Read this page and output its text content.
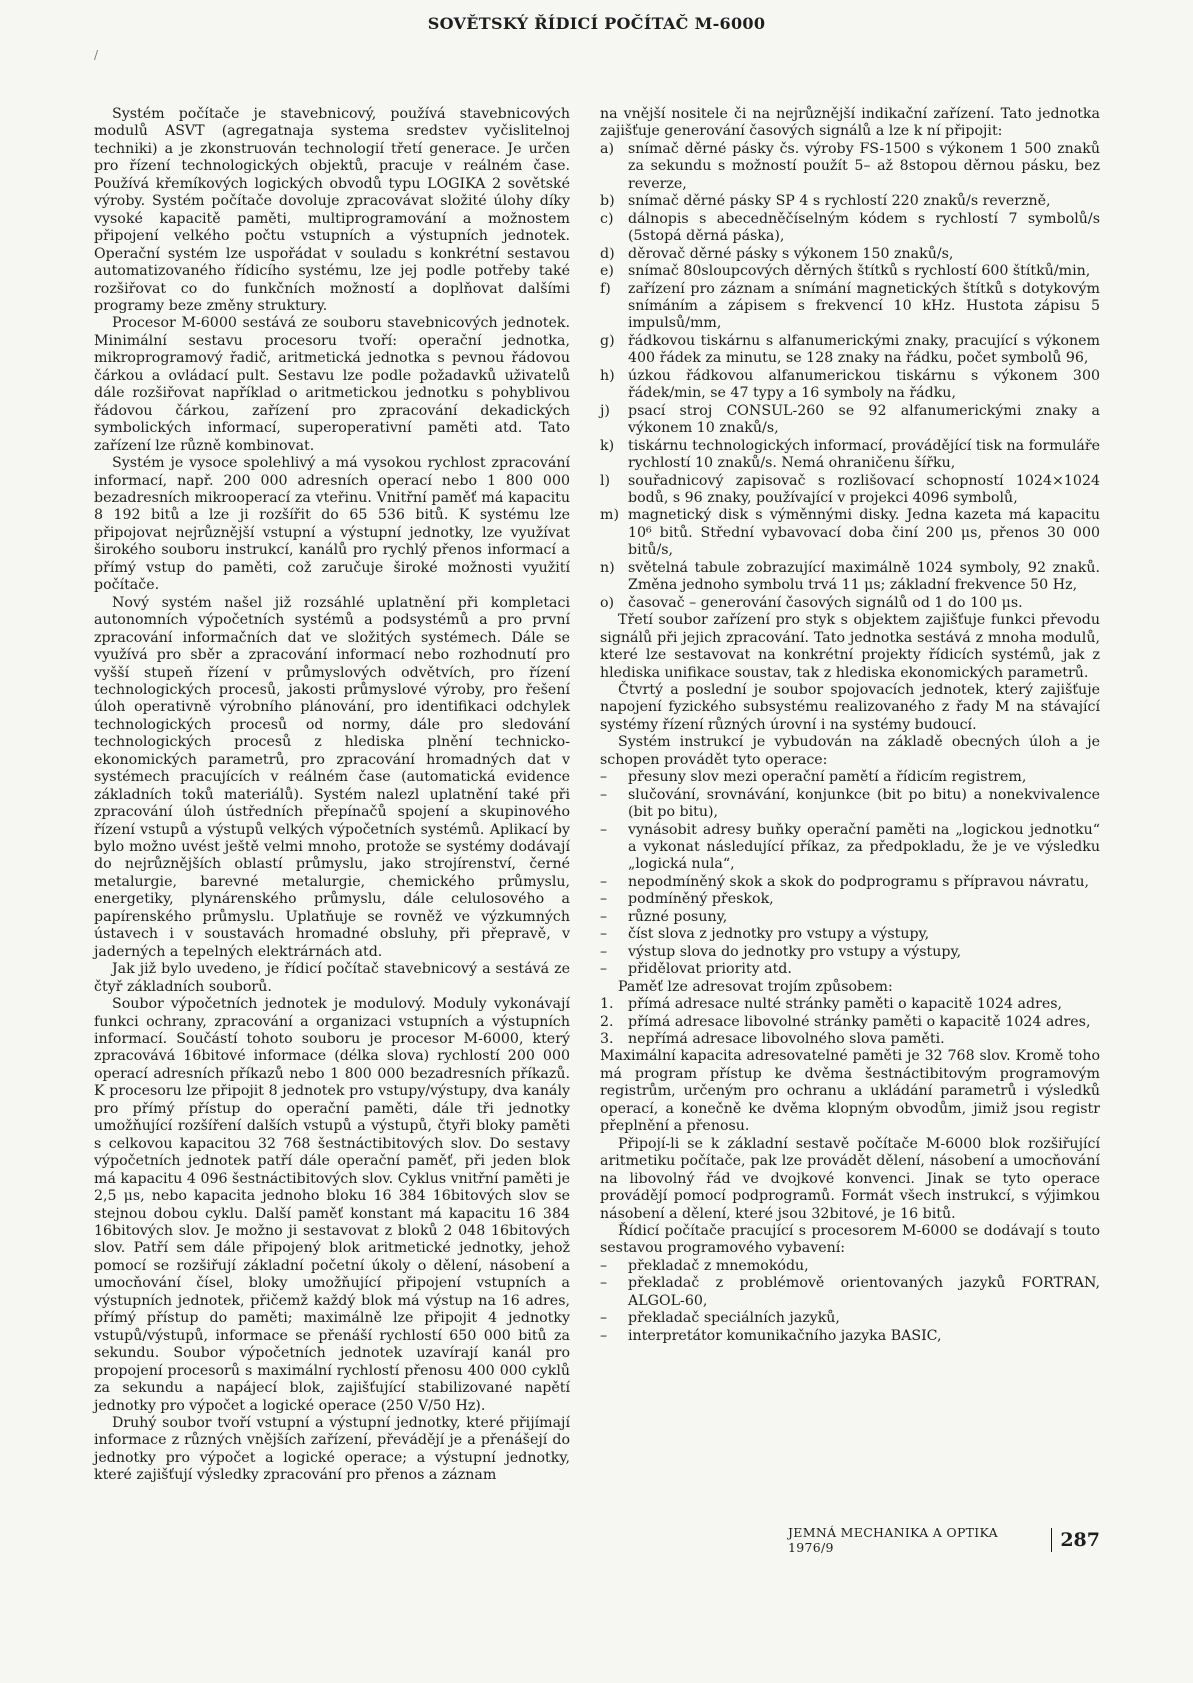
SOVĚTSKÝ ŘÍDICÍ POČÍTAČ M-6000
/

Systém počítače je stavebnicový, používá stavebnicových modulů ASVT (agregatnaja systema sredstev vyčislitelnoj techniki) a je zkonstruován technologií třetí generace. Je určen pro řízení technologických objektů, pracuje v reálném čase. Používá křemíkových logických obvodů typu LOGIKA 2 sovětské výroby. Systém počítače dovoluje zpracovávat složité úlohy díky vysoké kapacitě paměti, multiprogramování a možnostem připojení velkého počtu vstupních a výstupních jednotek. Operační systém lze uspořádat v souladu s konkrétní sestavou automatizovaného řídicího systému, lze jej podle potřeby také rozšiřovat co do funkčních možností a doplňovat dalšími programy beze změny struktury.

Procesor M-6000 sestává ze souboru stavebnicových jednotek. Minimální sestavu procesoru tvoří: operační jednotka, mikroprogramový řadič, aritmetická jednotka s pevnou řádovou čárkou a ovládací pult. Sestavu lze podle požadavků uživatelů dále rozšiřovat například o aritmetickou jednotku s pohyblivou řádovou čárkou, zařízení pro zpracování dekadických symbolických informací, superoperativní paměti atd. Tato zařízení lze různě kombinovat.

Systém je vysoce spolehlivý a má vysokou rychlost zpracování informací, např. 200 000 adresních operací nebo 1 800 000 bezadresních mikrooperací za vteřinu. Vnitřní paměť má kapacitu 8 192 bitů a lze ji rozšířit do 65 536 bitů. K systému lze připojovat nejrůznější vstupní a výstupní jednotky, lze využívat širokého souboru instrukcí, kanálů pro rychlý přenos informací a přímý vstup do paměti, což zaručuje široké možnosti využití počítače.

Nový systém našel již rozsáhlé uplatnění při kompletaci autonomních výpočetních systémů a podsystémů a pro první zpracování informačních dat ve složitých systémech. Dále se využívá pro sběr a zpracování informací nebo rozhodnutí pro vyšší stupeň řízení v průmyslových odvětvích, pro řízení technologických procesů, jakosti průmyslové výroby, pro řešení úloh operativně výrobního plánování, pro identifikaci odchylek technologických procesů od normy, dále pro sledování technologických procesů z hlediska plnění technicko-ekonomických parametrů, pro zpracování hromadných dat v systémech pracujících v reálném čase (automatická evidence základních toků materiálů). Systém nalezl uplatnění také při zpracování úloh ústředních přepínačů spojení a skupinového řízení vstupů a výstupů velkých výpočetních systémů. Aplikací by bylo možno uvést ještě velmi mnoho, protože se systémy dodávají do nejrůznějších oblastí průmyslu, jako strojírenství, černé metalurgie, barevné metalurgie, chemického průmyslu, energetiky, plynárenského průmyslu, dále celulosového a papírenského průmyslu. Uplatňuje se rovněž ve výzkumných ústavech i v soustavách hromadné obsluhy, při přepravě, v jaderných a tepelných elektrárnách atd.

Jak již bylo uvedeno, je řídicí počítač stavebnicový a sestává ze čtyř základních souborů.

Soubor výpočetních jednotek je modulový. Moduly vykonávají funkci ochrany, zpracování a organizaci vstupních a výstupních informací. Součástí tohoto souboru je procesor M-6000, který zpracovává 16bitové informace (délka slova) rychlostí 200 000 operací adresních příkazů nebo 1 800 000 bezadresních příkazů. K procesoru lze připojit 8 jednotek pro vstupy/výstupy, dva kanály pro přímý přístup do operační paměti, dále tři jednotky umožňující rozšíření dalších vstupů a výstupů, čtyři bloky paměti s celkovou kapacitou 32 768 šestnáctibitových slov. Do sestavy výpočetních jednotek patří dále operační paměť, při jeden blok má kapacitu 4 096 šestnáctibitových slov. Cyklus vnitřní paměti je 2,5 μs, nebo kapacita jednoho bloku 16 384 16bitových slov se stejnou dobou cyklu. Další paměť konstant má kapacitu 16 384 16bitových slov. Je možno ji sestavovat z bloků 2 048 16bitových slov. Patří sem dále připojený blok aritmetické jednotky, jehož pomocí se rozšiřují základní početní úkoly o dělení, násobení a umocňování čísel, bloky umožňující připojení vstupních a výstupních jednotek, přičemž každý blok má výstup na 16 adres, přímý přístup do paměti; maximálně lze připojit 4 jednotky vstupů/výstupů, informace se přenáší rychlostí 650 000 bitů za sekundu. Soubor výpočetních jednotek uzavírají kanál pro propojení procesorů s maximální rychlostí přenosu 400 000 cyklů za sekundu a napájecí blok, zajišťující stabilizované napětí jednotky pro výpočet a logické operace (250 V/50 Hz).

Druhý soubor tvoří vstupní a výstupní jednotky, které přijímají informace z různých vnějších zařízení, převádějí je a přenášejí do jednotky pro výpočet a logické operace; a výstupní jednotky, které zajišťují výsledky zpracování pro přenos a záznam

na vnější nositele či na nejrůznější indikační zařízení. Tato jednotka zajišťuje generování časových signálů a lze k ní připojit:

a) snímač děrné pásky čs. výroby FS-1500 s výkonem 1 500 znaků za sekundu s možností použít 5– až 8stopou děrnou pásku, bez reverze,
b) snímač děrné pásky SP 4 s rychlostí 220 znaků/s reverzně,
c)	dálnopis s abecedněčíselným kódem s rychlostí 7 symbolů/s (5stopá děrná páska),
d) děrovač děrné pásky s výkonem 150 znaků/s,
e) snímač 80sloupcových děrných štítků s rychlostí 600 štítků/min,
f)	zařízení pro záznam a snímání magnetických štítků s dotykovým snímáním a zápisem s frekvencí 10 kHz. Hustota zápisu 5 impulsů/mm,
g) řádkovou tiskárnu s alfanumerickými znaky, pracující s výkonem 400 řádek za minutu, se 128 znaky na řádku, počet symbolů 96,
h) úzkou řádkovou alfanumerickou tiskárnu s výkonem 300 řádek/min, se 47 typy a 16 symboly na řádku,
j)	psací stroj CONSUL-260 se 92 alfanumerickými znaky a výkonem 10 znaků/s,
k) tiskárnu technologických informací, provádějící tisk na formuláře rychlostí 10 znaků/s. Nemá ohraničenu šířku,
l)	souřadnicový zapisovač s rozlišovací schopností 1024×1024 bodů, s 96 znaky, používající v projekci 4096 symbolů,
m) magnetický disk s výměnnými disky. Jedna kazeta má kapacitu 10⁶ bitů. Střední vybavovací doba činí 200 μs, přenos 30 000 bitů/s,
n) světelná tabule zobrazující maximálně 1024 symboly, 92 znaků. Změna jednoho symbolu trvá 11 μs; základní frekvence 50 Hz,
o) časovač – generování časových signálů od 1 do 100 μs.

Třetí soubor zařízení pro styk s objektem zajišťuje funkci převodu signálů při jejich zpracování. Tato jednotka sestává z mnoha modulů, které lze sestavovat na konkrétní projekty řídicích systémů, jak z hlediska unifikace soustav, tak z hlediska ekonomických parametrů.

Čtvrtý a poslední je soubor spojovacích jednotek, který zajišťuje napojení fyzického subsystému realizovaného z řady M na stávající systémy řízení různých úrovní i na systémy budoucí.

Systém instrukcí je vybudován na základě obecných úloh a je schopen provádět tyto operace:

–	přesuny slov mezi operační pamětí a řídicím registrem,
–	slučování, srovnávání, konjunkce (bit po bitu) a nonekvivalence (bit po bitu),
–	vynásobit adresy buňky operační paměti na „logickou jednotku“ a vykonat následující příkaz, za předpokladu, že je ve výsledku „logická nula“,
–	nepodmíněný skok a skok do podprogramu s přípravou návratu,
–	podmíněný přeskok,
–	různé posuny,
–	číst slova z jednotky pro vstupy a výstupy,
–	výstup slova do jednotky pro vstupy a výstupy,
–	přidělovat priority atd.

Paměť lze adresovat trojím způsobem:

1.	přímá adresace nulté stránky paměti o kapacitě 1024 adres,
2.	přímá adresace libovolné stránky paměti o kapacitě 1024 adres,
3.	nepřímá adresace libovolného slova paměti.

Maximální kapacita adresovatelné paměti je 32 768 slov. Kromě toho má program přístup ke dvěma šestnáctibitovým programovým registrům, určeným pro ochranu a ukládání parametrů i výsledků operací, a konečně ke dvěma klopným obvodům, jimiž jsou registr přeplnění a přenosu.

Připojí-li se k základní sestavě počítače M-6000 blok rozšiřující aritmetiku počítače, pak lze provádět dělení, násobení a umocňování na libovolný řád ve dvojkové konvenci. Jinak se tyto operace provádějí pomocí podprogramů. Formát všech instrukcí, s výjimkou násobení a dělení, které jsou 32bitové, je 16 bitů.

Řídicí počítače pracující s procesorem M-6000 se dodávají s touto sestavou programového vybavení:

–	překladač z mnemokódu,
–	překladač z problémově orientovaných jazyků FORTRAN, ALGOL-60,
–	překladač speciálních jazyků,
–	interpretátor komunikačního jazyka BASIC,
JEMNÁ MECHANIKA A OPTIKA 1976/9	287
